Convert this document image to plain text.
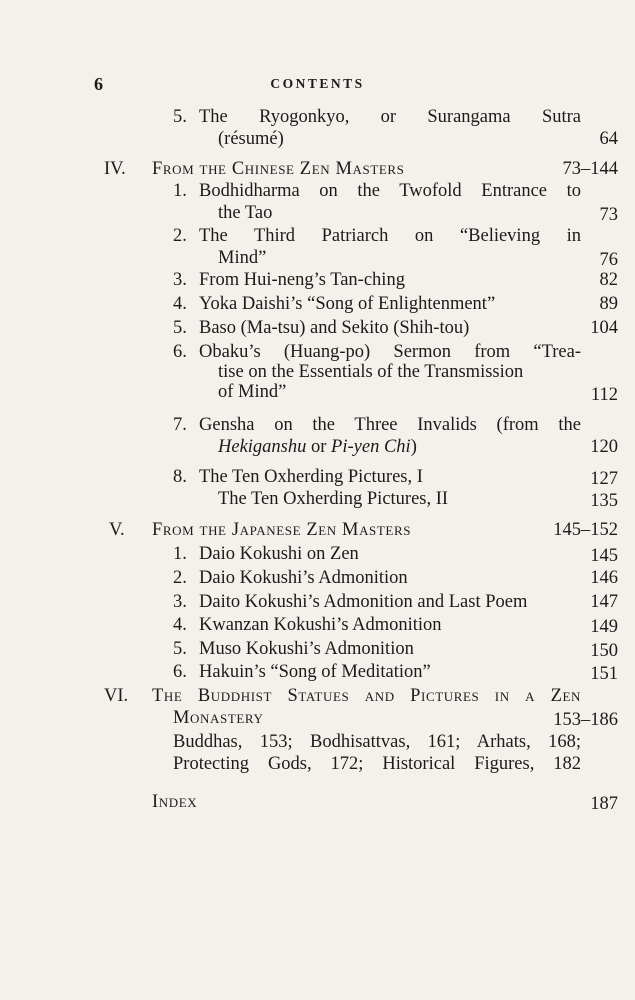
6	CONTENTS
5. The Ryogonkyo, or Surangama Sutra
(résumé)	64
IV. From the Chinese Zen Masters	73–144
1. Bodhidharma on the Twofold Entrance to
the Tao	73
2. The Third Patriarch on “Believing in
Mind”	76
3. From Hui-neng’s Tan-ching	82
4. Yoka Daishi’s “Song of Enlightenment”	89
5. Baso (Ma-tsu) and Sekito (Shih-tou)	104
6. Obaku’s (Huang-po) Sermon from “Trea-
tise on the Essentials of the Transmission
of Mind”	112
7. Gensha on the Three Invalids (from the
Hekiganshu or Pi-yen Chi)	120
8. The Ten Oxherding Pictures, I	127
The Ten Oxherding Pictures, II	135
V. From the Japanese Zen Masters	145–152
1. Daio Kokushi on Zen	145
2. Daio Kokushi’s Admonition	146
3. Daito Kokushi’s Admonition and Last Poem	147
4. Kwanzan Kokushi’s Admonition	149
5. Muso Kokushi’s Admonition	150
6. Hakuin’s “Song of Meditation”	151
VI. The Buddhist Statues and Pictures in a Zen
Monastery	153–186
Buddhas, 153; Bodhisattvas, 161; Arhats, 168;
Protecting Gods, 172; Historical Figures, 182
Index	187
